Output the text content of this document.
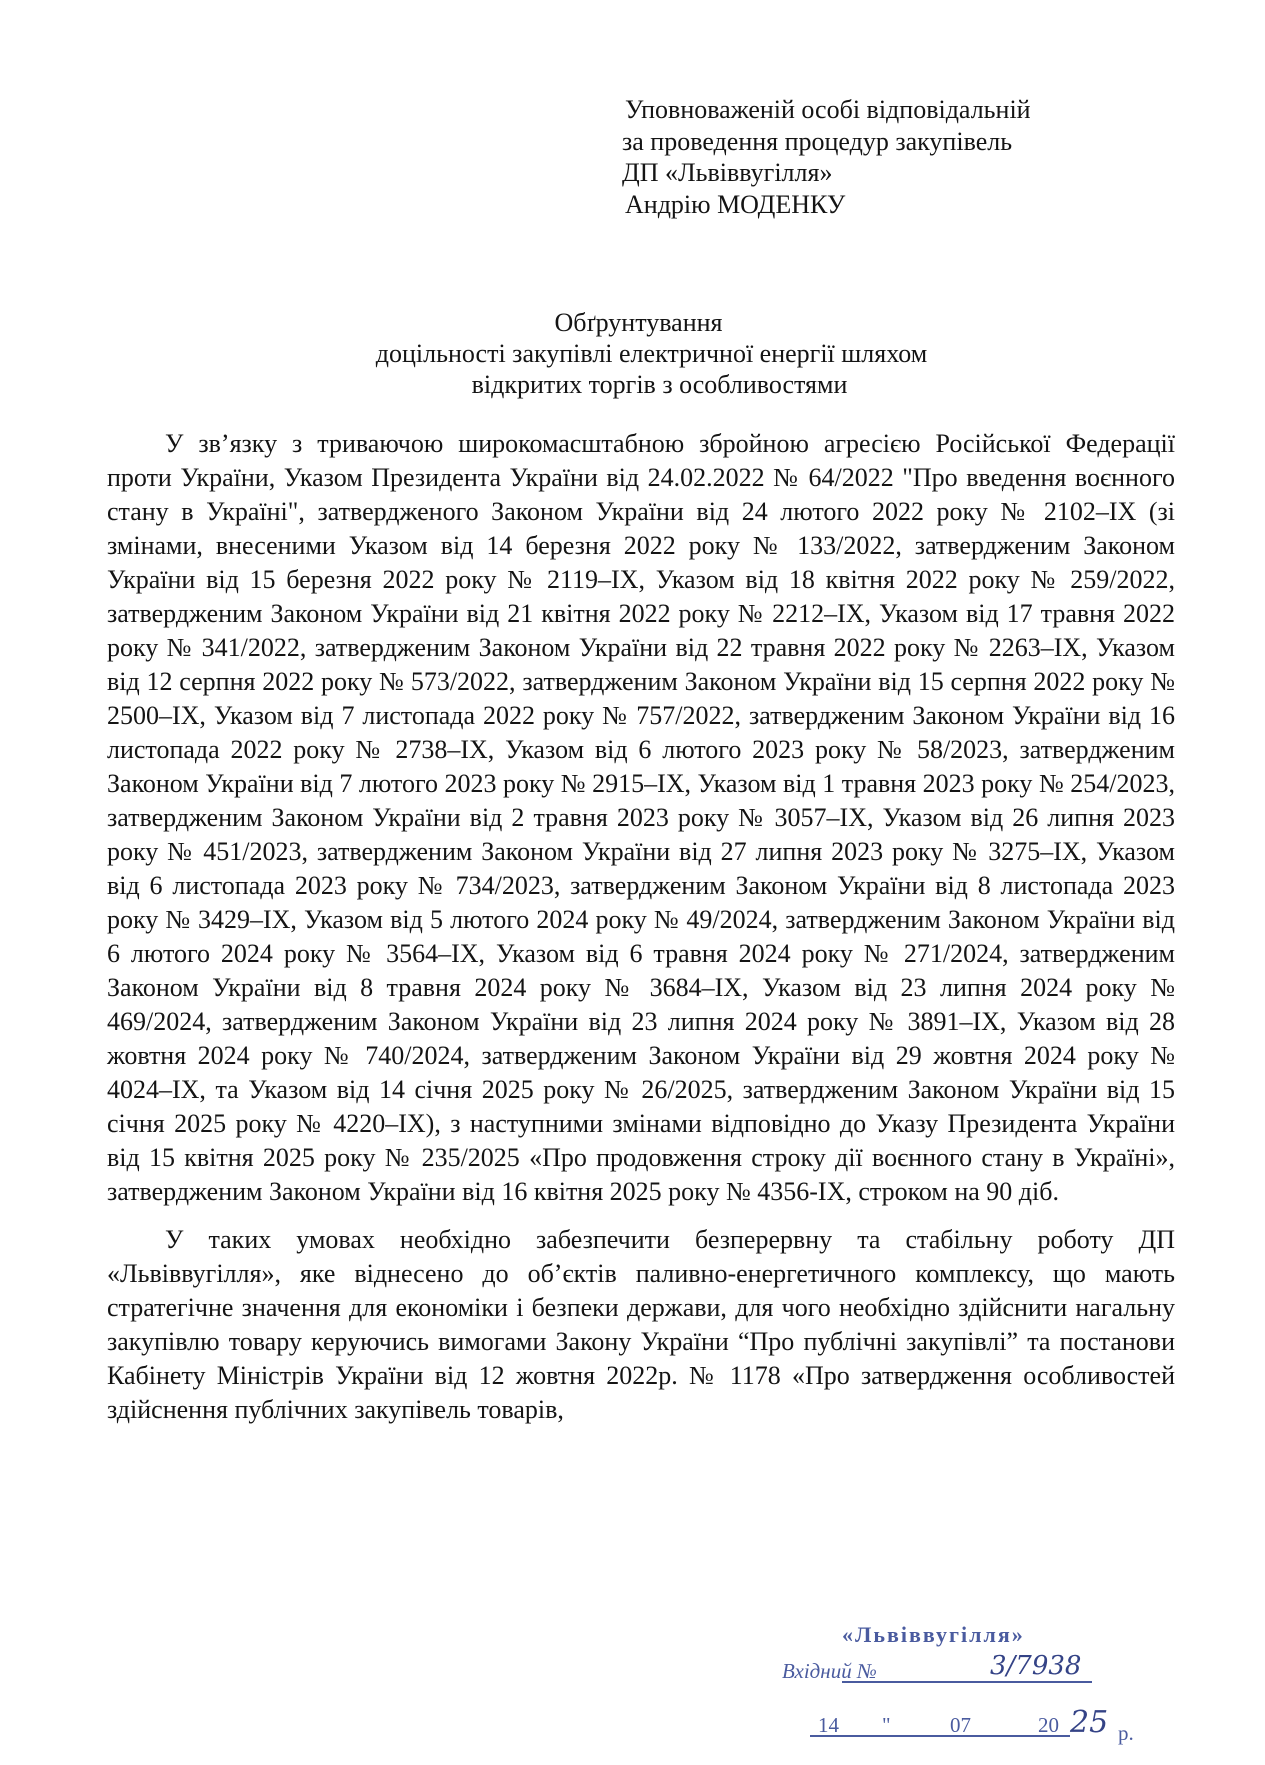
Уповноваженій особі відповідальній
за проведення процедур закупівель
ДП «Львіввугілля»
Андрію МОДЕНКУ
Обґрунтування
доцільності закупівлі електричної енергії шляхом
відкритих торгів з особливостями

У зв’язку з триваючою широкомасштабною збройною агресією Російської Федерації проти України, Указом Президента України від 24.02.2022 № 64/2022 "Про введення воєнного стану в Україні", затвердженого Законом України від 24 лютого 2022 року № 2102–IX (зі змінами, внесеними Указом від 14 березня 2022 року № 133/2022, затвердженим Законом України від 15 березня 2022 року № 2119–IX, Указом від 18 квітня 2022 року № 259/2022, затвердженим Законом України від 21 квітня 2022 року № 2212–IX, Указом від 17 травня 2022 року № 341/2022, затвердженим Законом України від 22 травня 2022 року № 2263–IX, Указом від 12 серпня 2022 року № 573/2022, затвердженим Законом України від 15 серпня 2022 року № 2500–IX, Указом від 7 листопада 2022 року № 757/2022, затвердженим Законом України від 16 листопада 2022 року № 2738–IX, Указом від 6 лютого 2023 року № 58/2023, затвердженим Законом України від 7 лютого 2023 року № 2915–IX, Указом від 1 травня 2023 року № 254/2023, затвердженим Законом України від 2 травня 2023 року № 3057–IX, Указом від 26 липня 2023 року № 451/2023, затвердженим Законом України від 27 липня 2023 року № 3275–IX, Указом від 6 листопада 2023 року № 734/2023, затвердженим Законом України від 8 листопада 2023 року № 3429–IX, Указом від 5 лютого 2024 року № 49/2024, затвердженим Законом України від 6 лютого 2024 року № 3564–IX, Указом від 6 травня 2024 року № 271/2024, затвердженим Законом України від 8 травня 2024 року № 3684–IX, Указом від 23 липня 2024 року № 469/2024, затвердженим Законом України від 23 липня 2024 року № 3891–IX, Указом від 28 жовтня 2024 року № 740/2024, затвердженим Законом України від 29 жовтня 2024 року № 4024–IX, та Указом від 14 січня 2025 року № 26/2025, затвердженим Законом України від 15 січня 2025 року № 4220–IX), з наступними змінами відповідно до Указу Президента України від 15 квітня 2025 року № 235/2025 «Про продовження строку дії воєнного стану в Україні», затвердженим Законом України від 16 квітня 2025 року № 4356-IX, строком на 90 діб.

У таких умовах необхідно забезпечити безперервну та стабільну роботу ДП «Львіввугілля», яке віднесено до об’єктів паливно-енергетичного комплексу, що мають стратегічне значення для економіки і безпеки держави, для чого необхідно здійснити нагальну закупівлю товару керуючись вимогами Закону України “Про публічні закупівлі” та постанови Кабінету Міністрів України від 12 жовтня 2022р. № 1178 «Про затвердження особливостей здійснення публічних закупівель товарів,

«Львіввугілля»
Вхідний №
14 "	07	20	р.
3/7938
25
